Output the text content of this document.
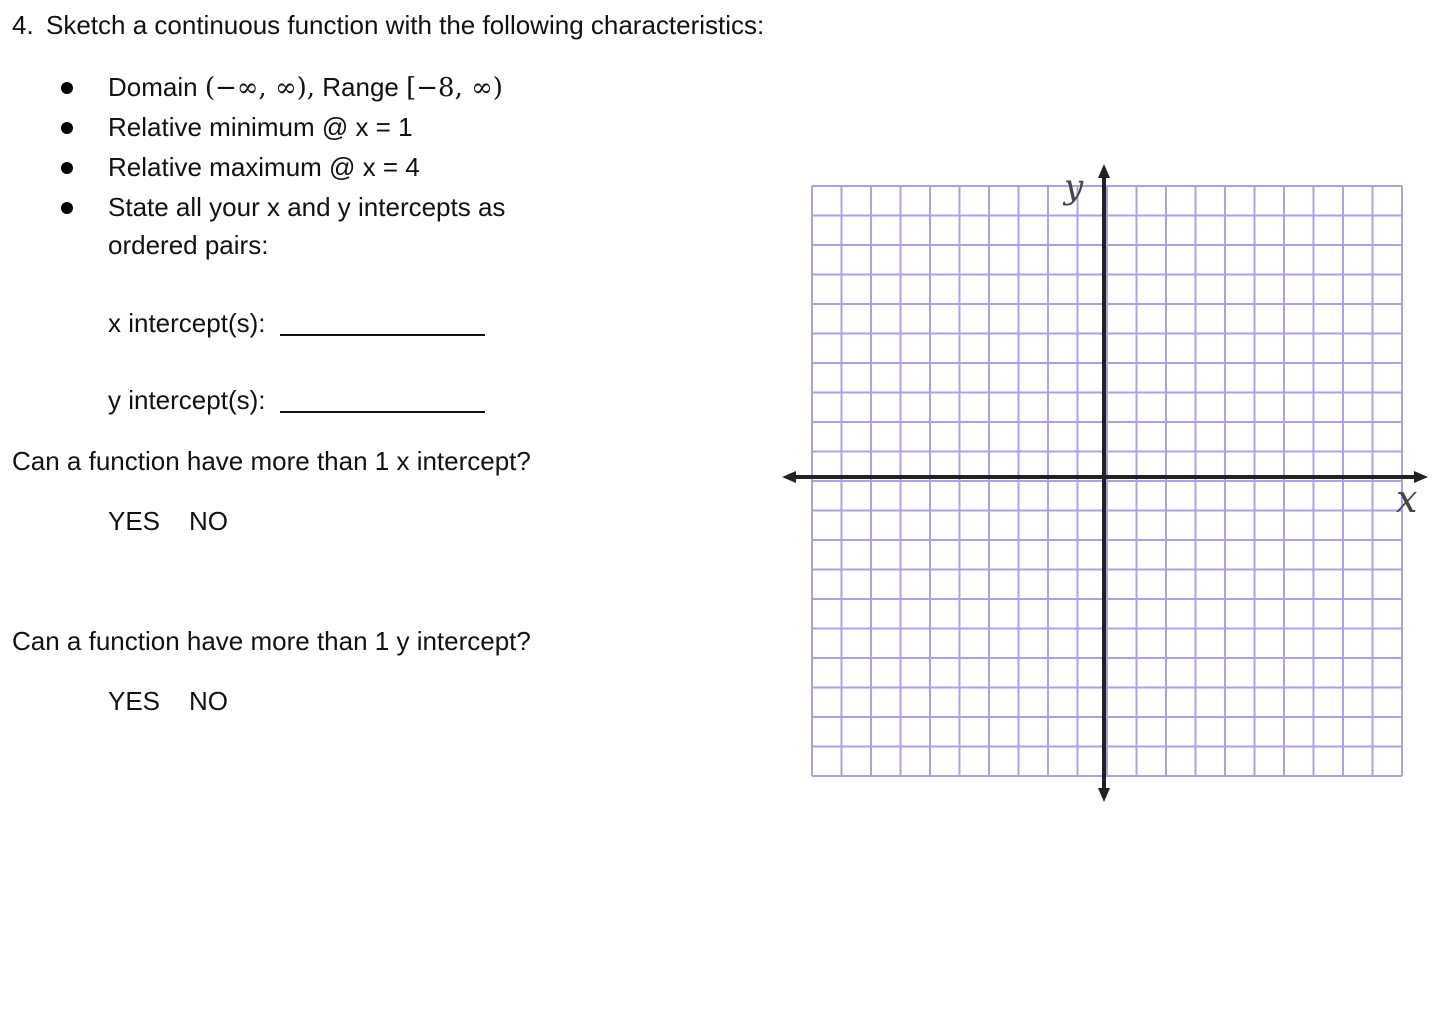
4. Sketch a continuous function with the following characteristics:
Domain (−∞, ∞), Range [−8, ∞)
Relative minimum @ x = 1
Relative maximum @ x = 4
State all your x and y intercepts as
ordered pairs:
x intercept(s):
y intercept(s):
Can a function have more than 1 x intercept?
YES NO
Can a function have more than 1 y intercept?
YES NO
y
x
